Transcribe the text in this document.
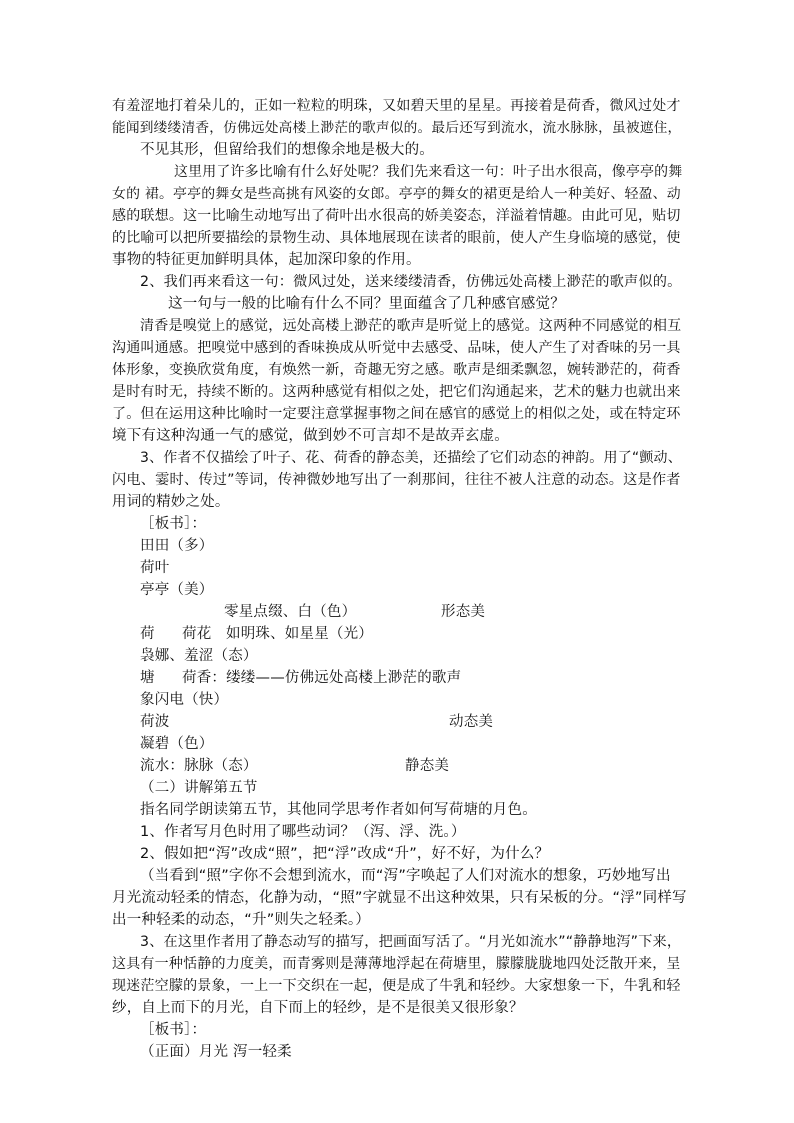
有羞涩地打着朵儿的，正如一粒粒的明珠，又如碧天里的星星。再接着是荷香，微风过处才
能闻到缕缕清香，仿佛远处高楼上渺茫的歌声似的。最后还写到流水，流水脉脉，虽被遮住，
不见其形，但留给我们的想像余地是极大的。
这里用了许多比喻有什么好处呢？我们先来看这一句：叶子出水很高，像亭亭的舞
女的 裙。亭亭的舞女是些高挑有风姿的女郎。亭亭的舞女的裙更是给人一种美好、轻盈、动
感的联想。这一比喻生动地写出了荷叶出水很高的娇美姿态，洋溢着情趣。由此可见，贴切
的比喻可以把所要描绘的景物生动、具体地展现在读者的眼前，使人产生身临境的感觉，使
事物的特征更加鲜明具体，起加深印象的作用。
2、我们再来看这一句：微风过处，送来缕缕清香，仿佛远处高楼上渺茫的歌声似的。
这一句与一般的比喻有什么不同？里面蕴含了几种感官感觉？
清香是嗅觉上的感觉，远处高楼上渺茫的歌声是听觉上的感觉。这两种不同感觉的相互
沟通叫通感。把嗅觉中感到的香味换成从听觉中去感受、品味，使人产生了对香味的另一具
体形象，变换欣赏角度，有焕然一新，奇趣无穷之感。歌声是细柔飘忽，婉转渺茫的，荷香
是时有时无，持续不断的。这两种感觉有相似之处，把它们沟通起来，艺术的魅力也就出来
了。但在运用这种比喻时一定要注意掌握事物之间在感官的感觉上的相似之处，或在特定环
境下有这种沟通一气的感觉，做到妙不可言却不是故弄玄虚。
3、作者不仅描绘了叶子、花、荷香的静态美，还描绘了它们动态的神韵。用了“颤动、
闪电、霎时、传过”等词，传神微妙地写出了一刹那间，往往不被人注意的动态。这是作者
用词的精妙之处。
［板书］：
田田（多）
荷叶
亭亭（美）
零星点缀、白（色）	形态美
荷 荷花 如明珠、如星星（光）
袅娜、羞涩（态）
塘 荷香：缕缕——仿佛远处高楼上渺茫的歌声
象闪电（快）
荷波	动态美
凝碧（色）
流水：脉脉（态）	静态美
（二）讲解第五节
指名同学朗读第五节，其他同学思考作者如何写荷塘的月色。
1、作者写月色时用了哪些动词？（泻、浮、洗。）
2、假如把“泻”改成“照”，把“浮”改成“升”，好不好，为什么？
（当看到“照”字你不会想到流水，而“泻”字唤起了人们对流水的想象，巧妙地写出
月光流动轻柔的情态，化静为动，“照”字就显不出这种效果，只有呆板的分。“浮”同样写
出一种轻柔的动态，“升”则失之轻柔。）
3、在这里作者用了静态动写的描写，把画面写活了。“月光如流水”“静静地泻”下来，
这具有一种恬静的力度美，而青雾则是薄薄地浮起在荷塘里，朦朦胧胧地四处泛散开来，呈
现迷茫空朦的景象，一上一下交织在一起，便是成了牛乳和轻纱。大家想象一下，牛乳和轻
纱，自上而下的月光，自下而上的轻纱，是不是很美又很形象？
［板书］：
（正面）月光 泻一轻柔
